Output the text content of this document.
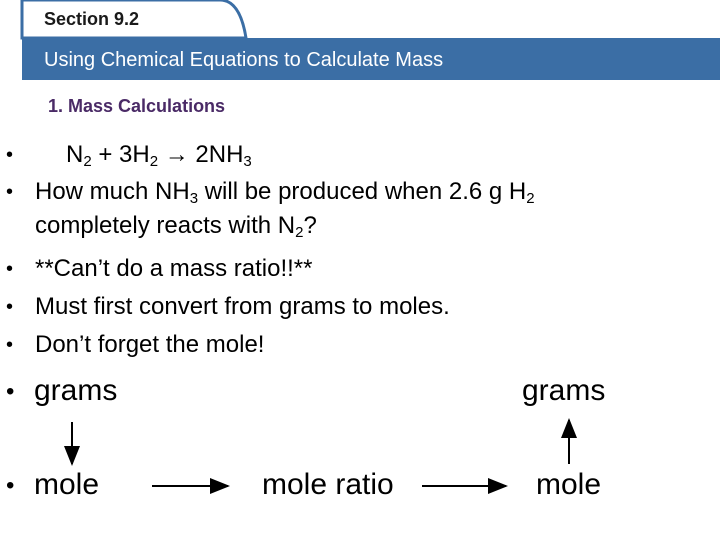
Section 9.2
Using Chemical Equations to Calculate Mass
1. Mass Calculations
• $N_2 + 3H_2 \to 2NH_3$
• How much $NH_3$ will be produced when 2.6 g $H_2$
completely reacts with $N_2$?
• **Can’t do a mass ratio!!**
• Must first convert from grams to moles.
• Don’t forget the mole!
• grams	grams
• mole	mole ratio	mole
